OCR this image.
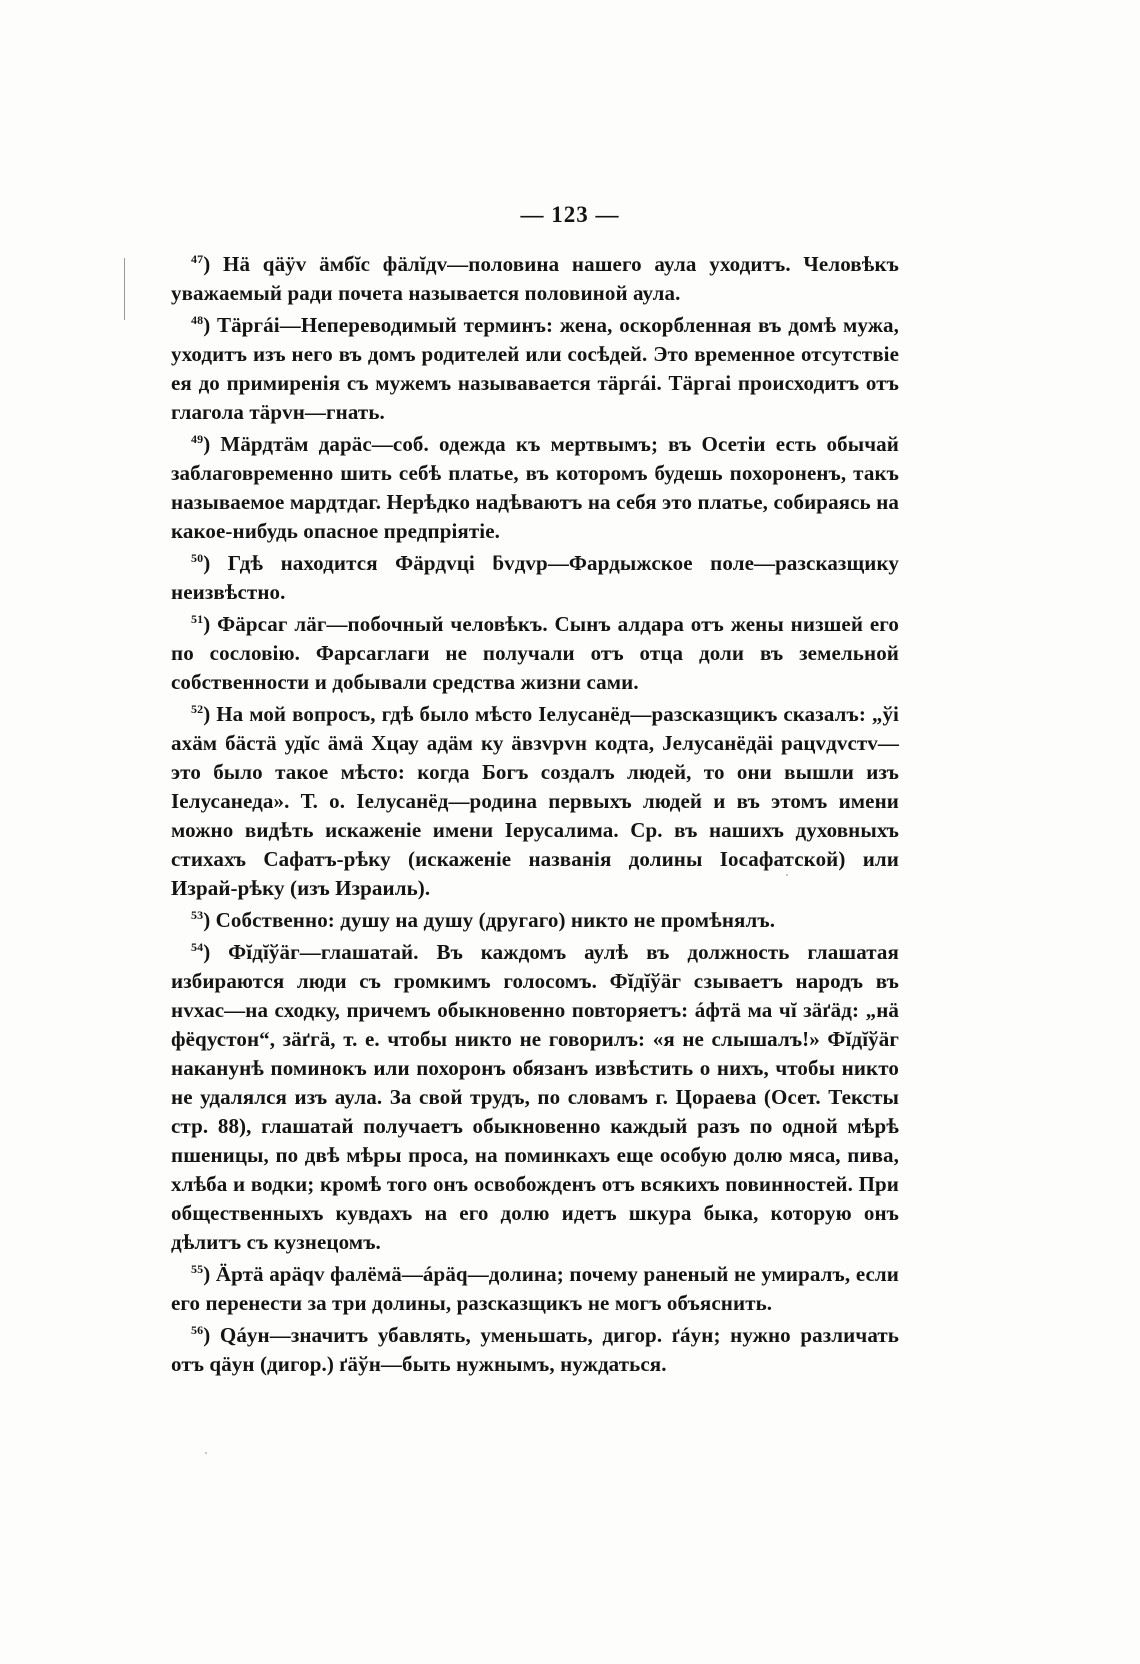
— 123 —

$^{47}$) Нä qäÿv äмбĭс фäлĭдv—половина нашего аула уходитъ. Человѣкъ уважаемый ради почета называется половиной аула.

$^{48}$) Тäргáі—Непереводимый терминъ: жена, оскорбленная въ домѣ мужа, уходитъ изъ него въ домъ родителей или сосѣдей. Это временное отсутствіе ея до примиренія съ мужемъ называвается тäргáі. Тäргаі происходитъ отъ глагола тäрvн—гнать.

$^{49}$) Мäрдтäм дарäс—соб. одежда къ мертвымъ; въ Осетіи есть обычай заблаговременно шить себѣ платье, въ которомъ будешь похороненъ, такъ называемое мардтдаг. Нерѣдко надѣваютъ на себя это платье, собираясь на какое-нибудь опасное предпріятіе.

$^{50}$) Гдѣ находится Фäрдvці ƃvдvр—Фардыжское поле—разсказщику неизвѣстно.

$^{51}$) Фäрсаг лäг—побочный человѣкъ. Сынъ алдара отъ жены низшей его по сословію. Фарсаглаги не получали отъ отца доли въ земельной собственности и добывали средства жизни сами.

$^{52}$) На мой вопросъ, гдѣ было мѣсто Іелусанёд—разсказщикъ сказалъ: „ўі ахäм бäстä удĭс äмä Хцау адäм ку äвзvрvн кодта, Јелусанёдäі рацvдvстv—это было такое мѣсто: когда Богъ создалъ людей, то они вышли изъ Іелусанеда». Т. о. Іелусанёд—родина первыхъ людей и въ этомъ имени можно видѣть искаженіе имени Іерусалима. Ср. въ нашихъ духовныхъ стихахъ Сафатъ-рѣку (искаженіе названія долины Іосафатской) или Израй-рѣку (изъ Израиль).

$^{53}$) Собственно: душу на душу (другаго) никто не промѣнялъ.

$^{54}$) Фĭдĭўäг—глашатай. Въ каждомъ аулѣ въ должность глашатая избираются люди съ громкимъ голосомъ. Фĭдĭўäг сзываетъ народъ въ нvхас—на сходку, причемъ обыкновенно повторяетъ: áфтä ма чĭ зäґäд: „нä фёqустон“, зäґгä, т. е. чтобы никто не говорилъ: «я не слышалъ!» Фĭдĭўäг наканунѣ поминокъ или похоронъ обязанъ извѣстить о нихъ, чтобы никто не удалялся изъ аула. За свой трудъ, по словамъ г. Цораева (Осет. Тексты стр. 88), глашатай получаетъ обыкновенно каждый разъ по одной мѣрѣ пшеницы, по двѣ мѣры проса, на поминкахъ еще особую долю мяса, пива, хлѣба и водки; кромѣ того онъ освобожденъ отъ всякихъ повинностей. При общественныхъ кувдахъ на его долю идетъ шкура быка, которую онъ дѣлитъ съ кузнецомъ.

$^{55}$) Äртä арäqv фалёмä—áрäq—долина; почему раненый не умиралъ, если его перенести за три долины, разсказщикъ не могъ объяснить.

$^{56}$) Qáун—значитъ убавлять, уменьшать, дигор. ґáун; нужно различать отъ qäун (дигор.) ґäўн—быть нужнымъ, нуждаться.
